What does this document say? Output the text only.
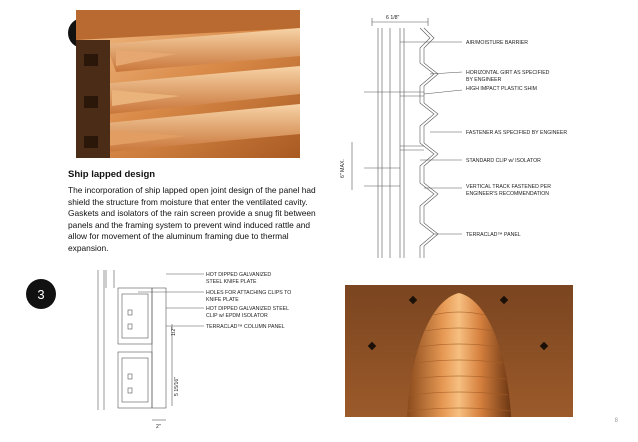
Ship lapped design
The incorporation of ship lapped open joint design of the panel had shield the structure from moisture that enter the ventilated cavity. Gaskets and isolators of the rain screen provide a snug fit between panels and the framing system to prevent wind induced rattle and allow for movement of the aluminum framing due to thermal expansion.
6 1/8"
6" MAX.
AIR/MOISTURE BARRIER
HORIZONTAL GIRT AS SPECIFIED
BY ENGINEER
HIGH IMPACT PLASTIC SHIM
FASTENER AS SPECIFIED BY ENGINEER
STANDARD CLIP w/ ISOLATOR
VERTICAL TRACK FASTENED PER
ENGINEER'S RECOMMENDATION
TERRACLAD™ PANEL
3
HOT DIPPED GALVANIZED
STEEL KNIFE PLATE
HOLES FOR ATTACHING CLIPS TO
KNIFE PLATE
HOT DIPPED GALVANIZED STEEL
CLIP w/ EPDM ISOLATOR
TERRACLAD™ COLUMN PANEL
1/2"
5 15/16"
2"
8
